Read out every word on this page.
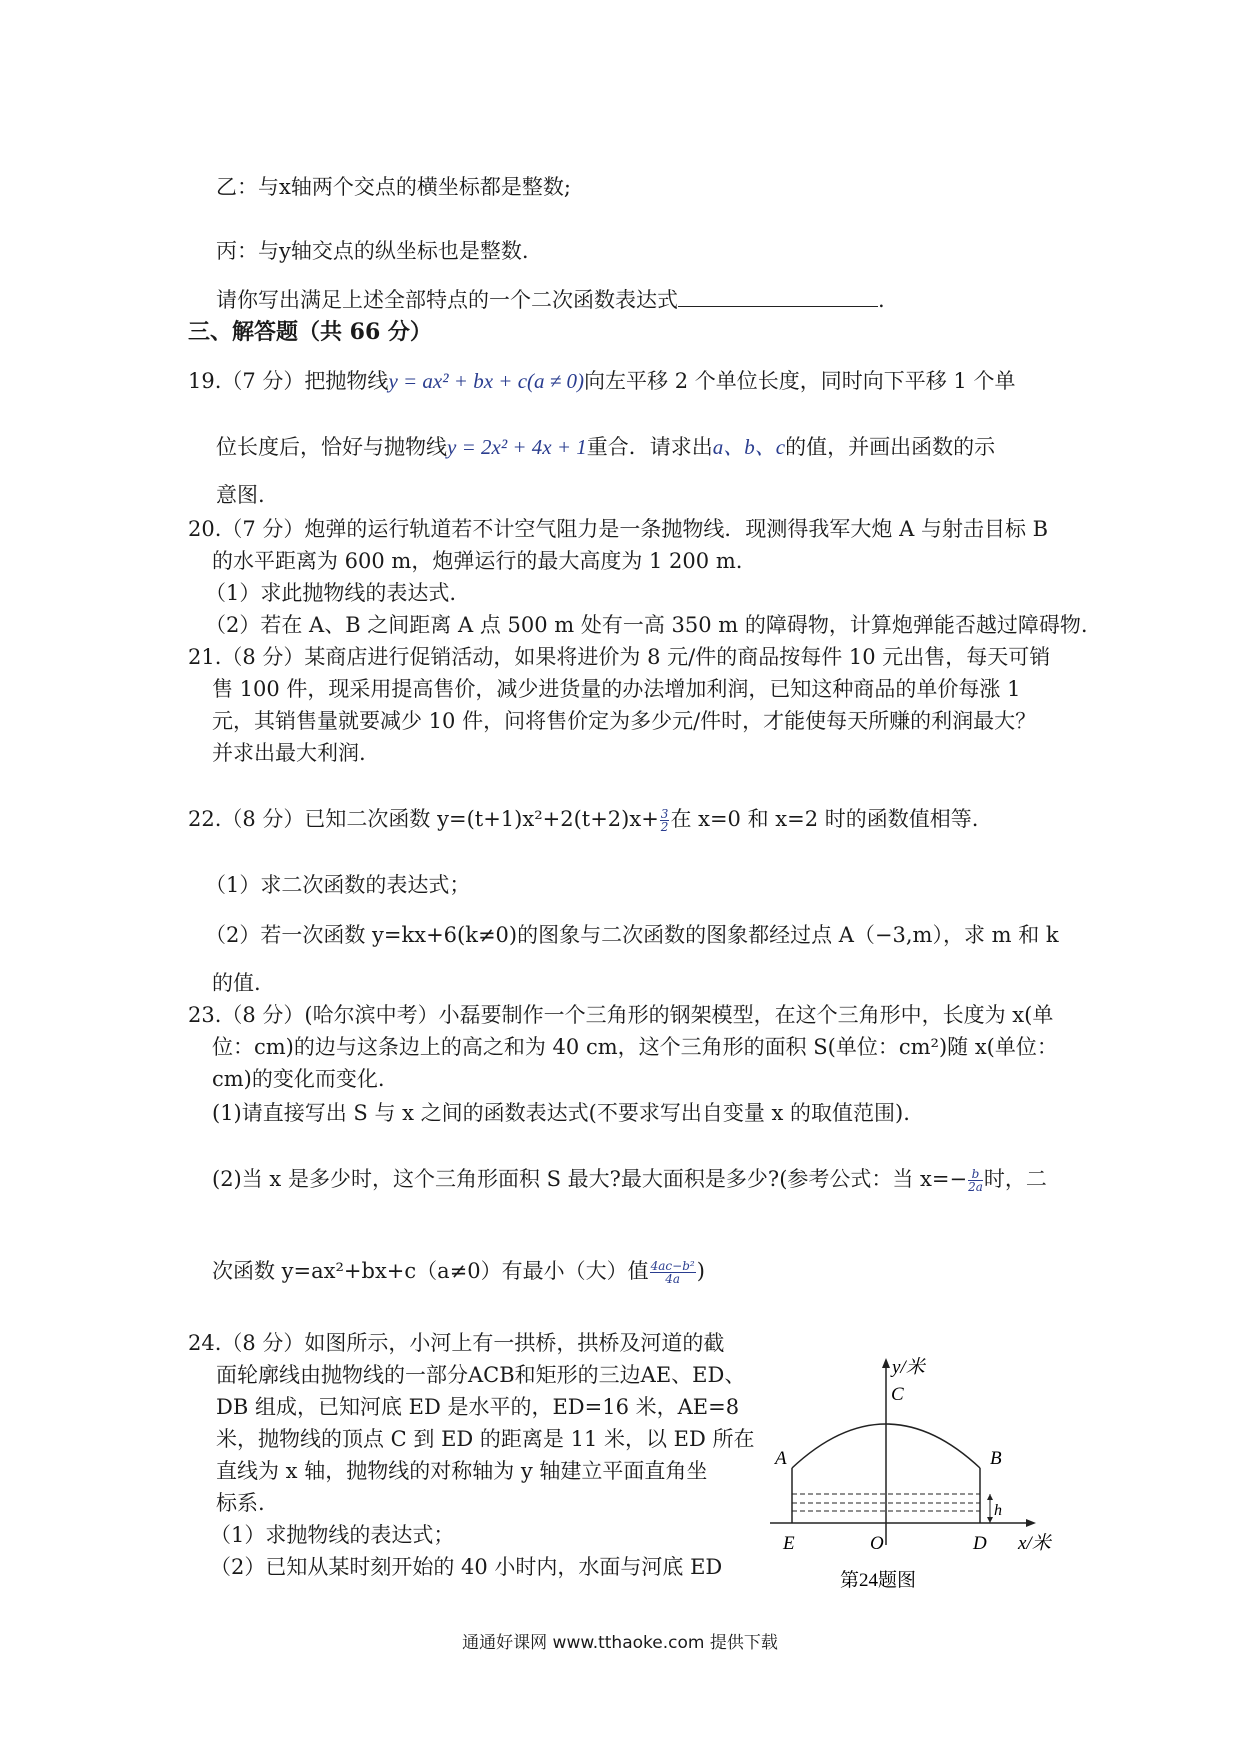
乙：与x轴两个交点的横坐标都是整数;
丙：与y轴交点的纵坐标也是整数.
请你写出满足上述全部特点的一个二次函数表达式	.
三、解答题（共 66 分）
19.（7 分）把抛物线y = ax² + bx + c(a ≠ 0)向左平移 2 个单位长度，同时向下平移 1 个单
位长度后，恰好与抛物线y = 2x² + 4x + 1重合．请求出a、b、c的值，并画出函数的示
意图.
20.（7 分）炮弹的运行轨道若不计空气阻力是一条抛物线．现测得我军大炮 A 与射击目标 B
的水平距离为 600 m，炮弹运行的最大高度为 1 200 m.
（1）求此抛物线的表达式.
（2）若在 A、B 之间距离 A 点 500 m 处有一高 350 m 的障碍物，计算炮弹能否越过障碍物.
21.（8 分）某商店进行促销活动，如果将进价为 8 元/件的商品按每件 10 元出售，每天可销
售 100 件，现采用提高售价，减少进货量的办法增加利润，已知这种商品的单价每涨 1
元，其销售量就要减少 10 件，问将售价定为多少元/件时，才能使每天所赚的利润最大？
并求出最大利润.
22.（8 分）已知二次函数 $y=(t+1)x^2+2(t+2)x+ \frac{3}{2}$ 在 x=0 和 x=2 时的函数值相等.
（1）求二次函数的表达式；
（2）若一次函数 y=kx+6(k≠0)的图象与二次函数的图象都经过点 A（−3,m），求 m 和 k
的值.
23.（8 分）(哈尔滨中考）小磊要制作一个三角形的钢架模型，在这个三角形中，长度为 x(单
位：cm)的边与这条边上的高之和为 40 cm，这个三角形的面积 S(单位：cm²)随 x(单位：
cm)的变化而变化.
(1)请直接写出 S 与 x 之间的函数表达式(不要求写出自变量 x 的取值范围).
(2)当 x 是多少时，这个三角形面积 S 最大?最大面积是多少?(参考公式：当 $x=- \frac{b}{2a}$ 时，二
次函数 y=ax²+bx+c（a≠0）有最小（大）值 $\frac{\text{4ac−b²}}{4a}$ )
24.（8 分）如图所示，小河上有一拱桥，拱桥及河道的截
面轮廓线由抛物线的一部分ACB和矩形的三边AE、ED、
DB 组成，已知河底 ED 是水平的，ED=16 米，AE=8
米，抛物线的顶点 C 到 ED 的距离是 11 米，以 ED 所在
直线为 x 轴，抛物线的对称轴为 y 轴建立平面直角坐
标系.
（1）求抛物线的表达式；
（2）已知从某时刻开始的 40 小时内，水面与河底 ED
y/米
x/米
A	B
C
E	O	D
h
第24题图
通通好课网 www.tthaoke.com 提供下载
